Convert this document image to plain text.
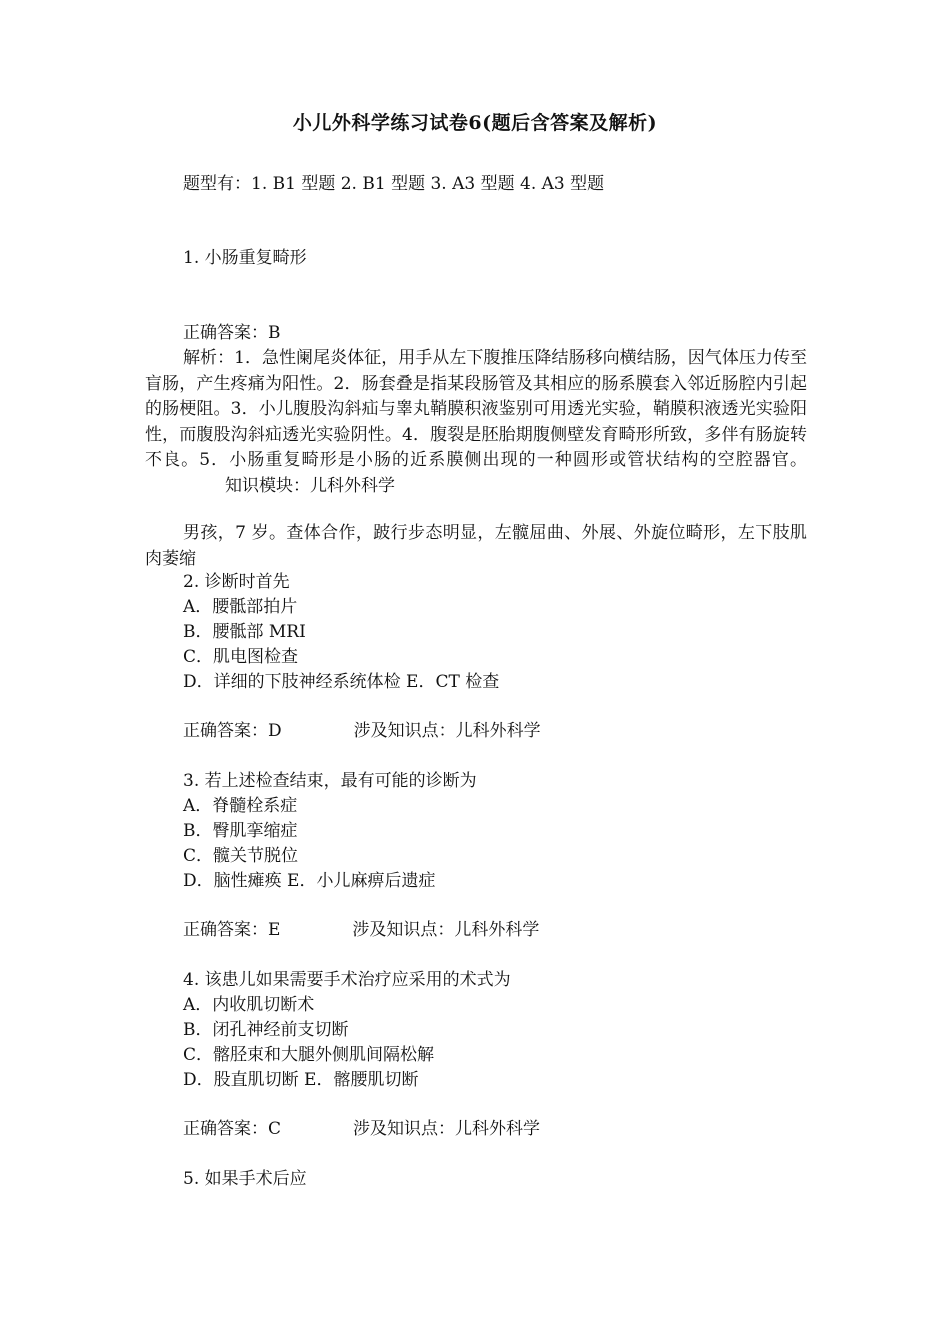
小儿外科学练习试卷6(题后含答案及解析)
题型有：1. B1 型题 2. B1 型题 3. A3 型题 4. A3 型题
1. 小肠重复畸形
正确答案：B
解析：1．急性阑尾炎体征，用手从左下腹推压降结肠移向横结肠，因气体压力传至盲肠，产生疼痛为阳性。2．肠套叠是指某段肠管及其相应的肠系膜套入邻近肠腔内引起的肠梗阻。3．小儿腹股沟斜疝与睾丸鞘膜积液鉴别可用透光实验，鞘膜积液透光实验阳性，而腹股沟斜疝透光实验阴性。4．腹裂是胚胎期腹侧壁发育畸形所致，多伴有肠旋转不良。5．小肠重复畸形是小肠的近系膜侧出现的一种圆形或管状结构的空腔器官。知识模块：儿科外科学
男孩，7 岁。查体合作，跛行步态明显，左髋屈曲、外展、外旋位畸形，左下肢肌肉萎缩
2. 诊断时首先
A．腰骶部拍片
B．腰骶部 MRI
C．肌电图检查
D．详细的下肢神经系统体检 E．CT 检查
正确答案：D	涉及知识点：儿科外科学
3. 若上述检查结束，最有可能的诊断为
A．脊髓栓系症
B．臀肌挛缩症
C．髋关节脱位
D．脑性瘫痪 E．小儿麻痹后遗症
正确答案：E	涉及知识点：儿科外科学
4. 该患儿如果需要手术治疗应采用的术式为
A．内收肌切断术
B．闭孔神经前支切断
C．髂胫束和大腿外侧肌间隔松解
D．股直肌切断 E．髂腰肌切断
正确答案：C	涉及知识点：儿科外科学
5. 如果手术后应
